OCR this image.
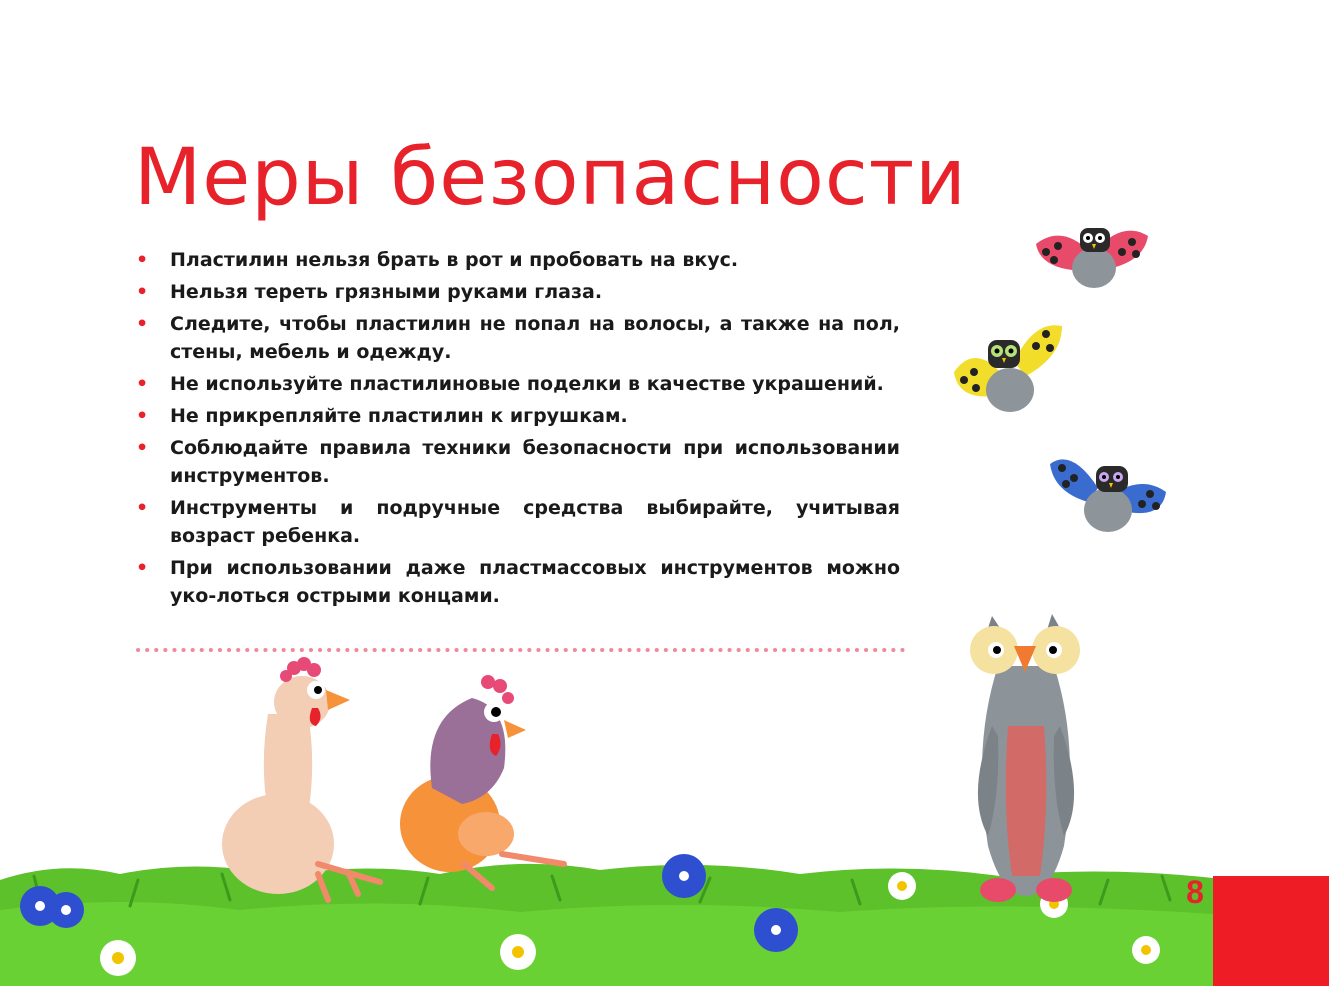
Меры безопасности
• Пластилин нельзя брать в рот и пробовать на вкус.
• Нельзя тереть грязными руками глаза.
• Следите, чтобы пластилин не попал на волосы, а также на пол, стены, мебель и одежду.
• Не используйте пластилиновые поделки в качестве украшений.
• Не прикрепляйте пластилин к игрушкам.
• Соблюдайте правила техники безопасности при использовании инструментов.
• Инструменты и подручные средства выбирайте, учитывая возраст ребенка.
• При использовании даже пластмассовых инструментов можно уко-лоться острыми концами.
8
